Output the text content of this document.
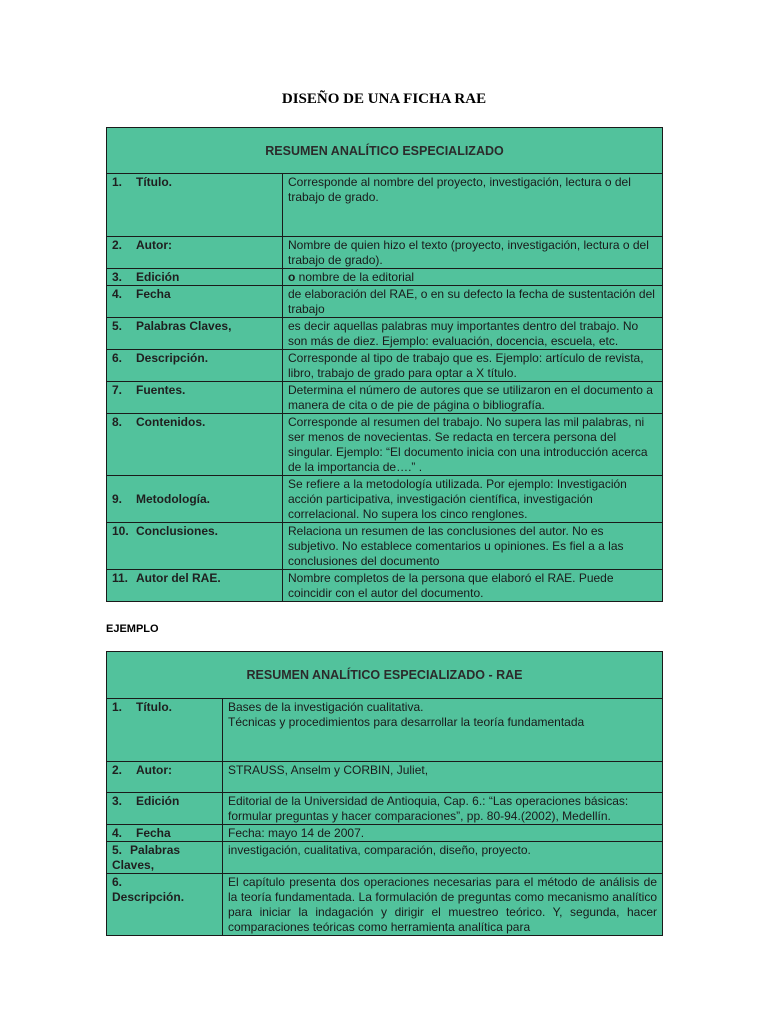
DISEÑO DE UNA FICHA RAE
RESUMEN ANALÍTICO ESPECIALIZADO	
1. Título.	Corresponde al nombre del proyecto, investigación, lectura o del trabajo de grado.
2. Autor:	Nombre de quien hizo el texto (proyecto, investigación, lectura o del trabajo de grado).
3. Edición	o nombre de la editorial
4. Fecha	de elaboración del RAE, o en su defecto la fecha de sustentación del trabajo
5. Palabras Claves,	es decir aquellas palabras muy importantes dentro del trabajo. No son más de diez. Ejemplo: evaluación, docencia, escuela, etc.
6. Descripción.	Corresponde al tipo de trabajo que es. Ejemplo: artículo de revista, libro, trabajo de grado para optar a X título.
7. Fuentes.	Determina el número de autores que se utilizaron en el documento a manera de cita o de pie de página o bibliografía.
8. Contenidos.	Corresponde al resumen del trabajo. No supera las mil palabras, ni ser menos de novecientas. Se redacta en tercera persona del singular. Ejemplo: “El documento inicia con una introducción acerca de la importancia de….” .
9. Metodología.	Se refiere a la metodología utilizada. Por ejemplo: Investigación acción participativa, investigación científica, investigación correlacional. No supera los cinco renglones.
10. Conclusiones.	Relaciona un resumen de las conclusiones del autor. No es subjetivo. No establece comentarios u opiniones. Es fiel a a las conclusiones del documento
11. Autor del RAE.	Nombre completos de la persona que elaboró el RAE. Puede coincidir con el autor del documento.
EJEMPLO
RESUMEN ANALÍTICO ESPECIALIZADO - RAE	
1. Título.	Bases de la investigación cualitativa.
Técnicas y procedimientos para desarrollar la teoría fundamentada

2. Autor:	STRAUSS, Anselm y CORBIN, Juliet,
3. Edición	Editorial de la Universidad de Antioquia, Cap. 6.: “Las operaciones básicas: formular preguntas y hacer comparaciones”, pp. 80-94.(2002), Medellín.
4. Fecha	Fecha: mayo 14 de 2007.
5. Palabras Claves,	investigación, cualitativa, comparación, diseño, proyecto.

6.
Descripción.	El capítulo presenta dos operaciones necesarias para el método de análisis de la teoría fundamentada. La formulación de preguntas como mecanismo analítico para iniciar la indagación y dirigir el muestreo teórico. Y, segunda, hacer comparaciones teóricas como herramienta analítica para
